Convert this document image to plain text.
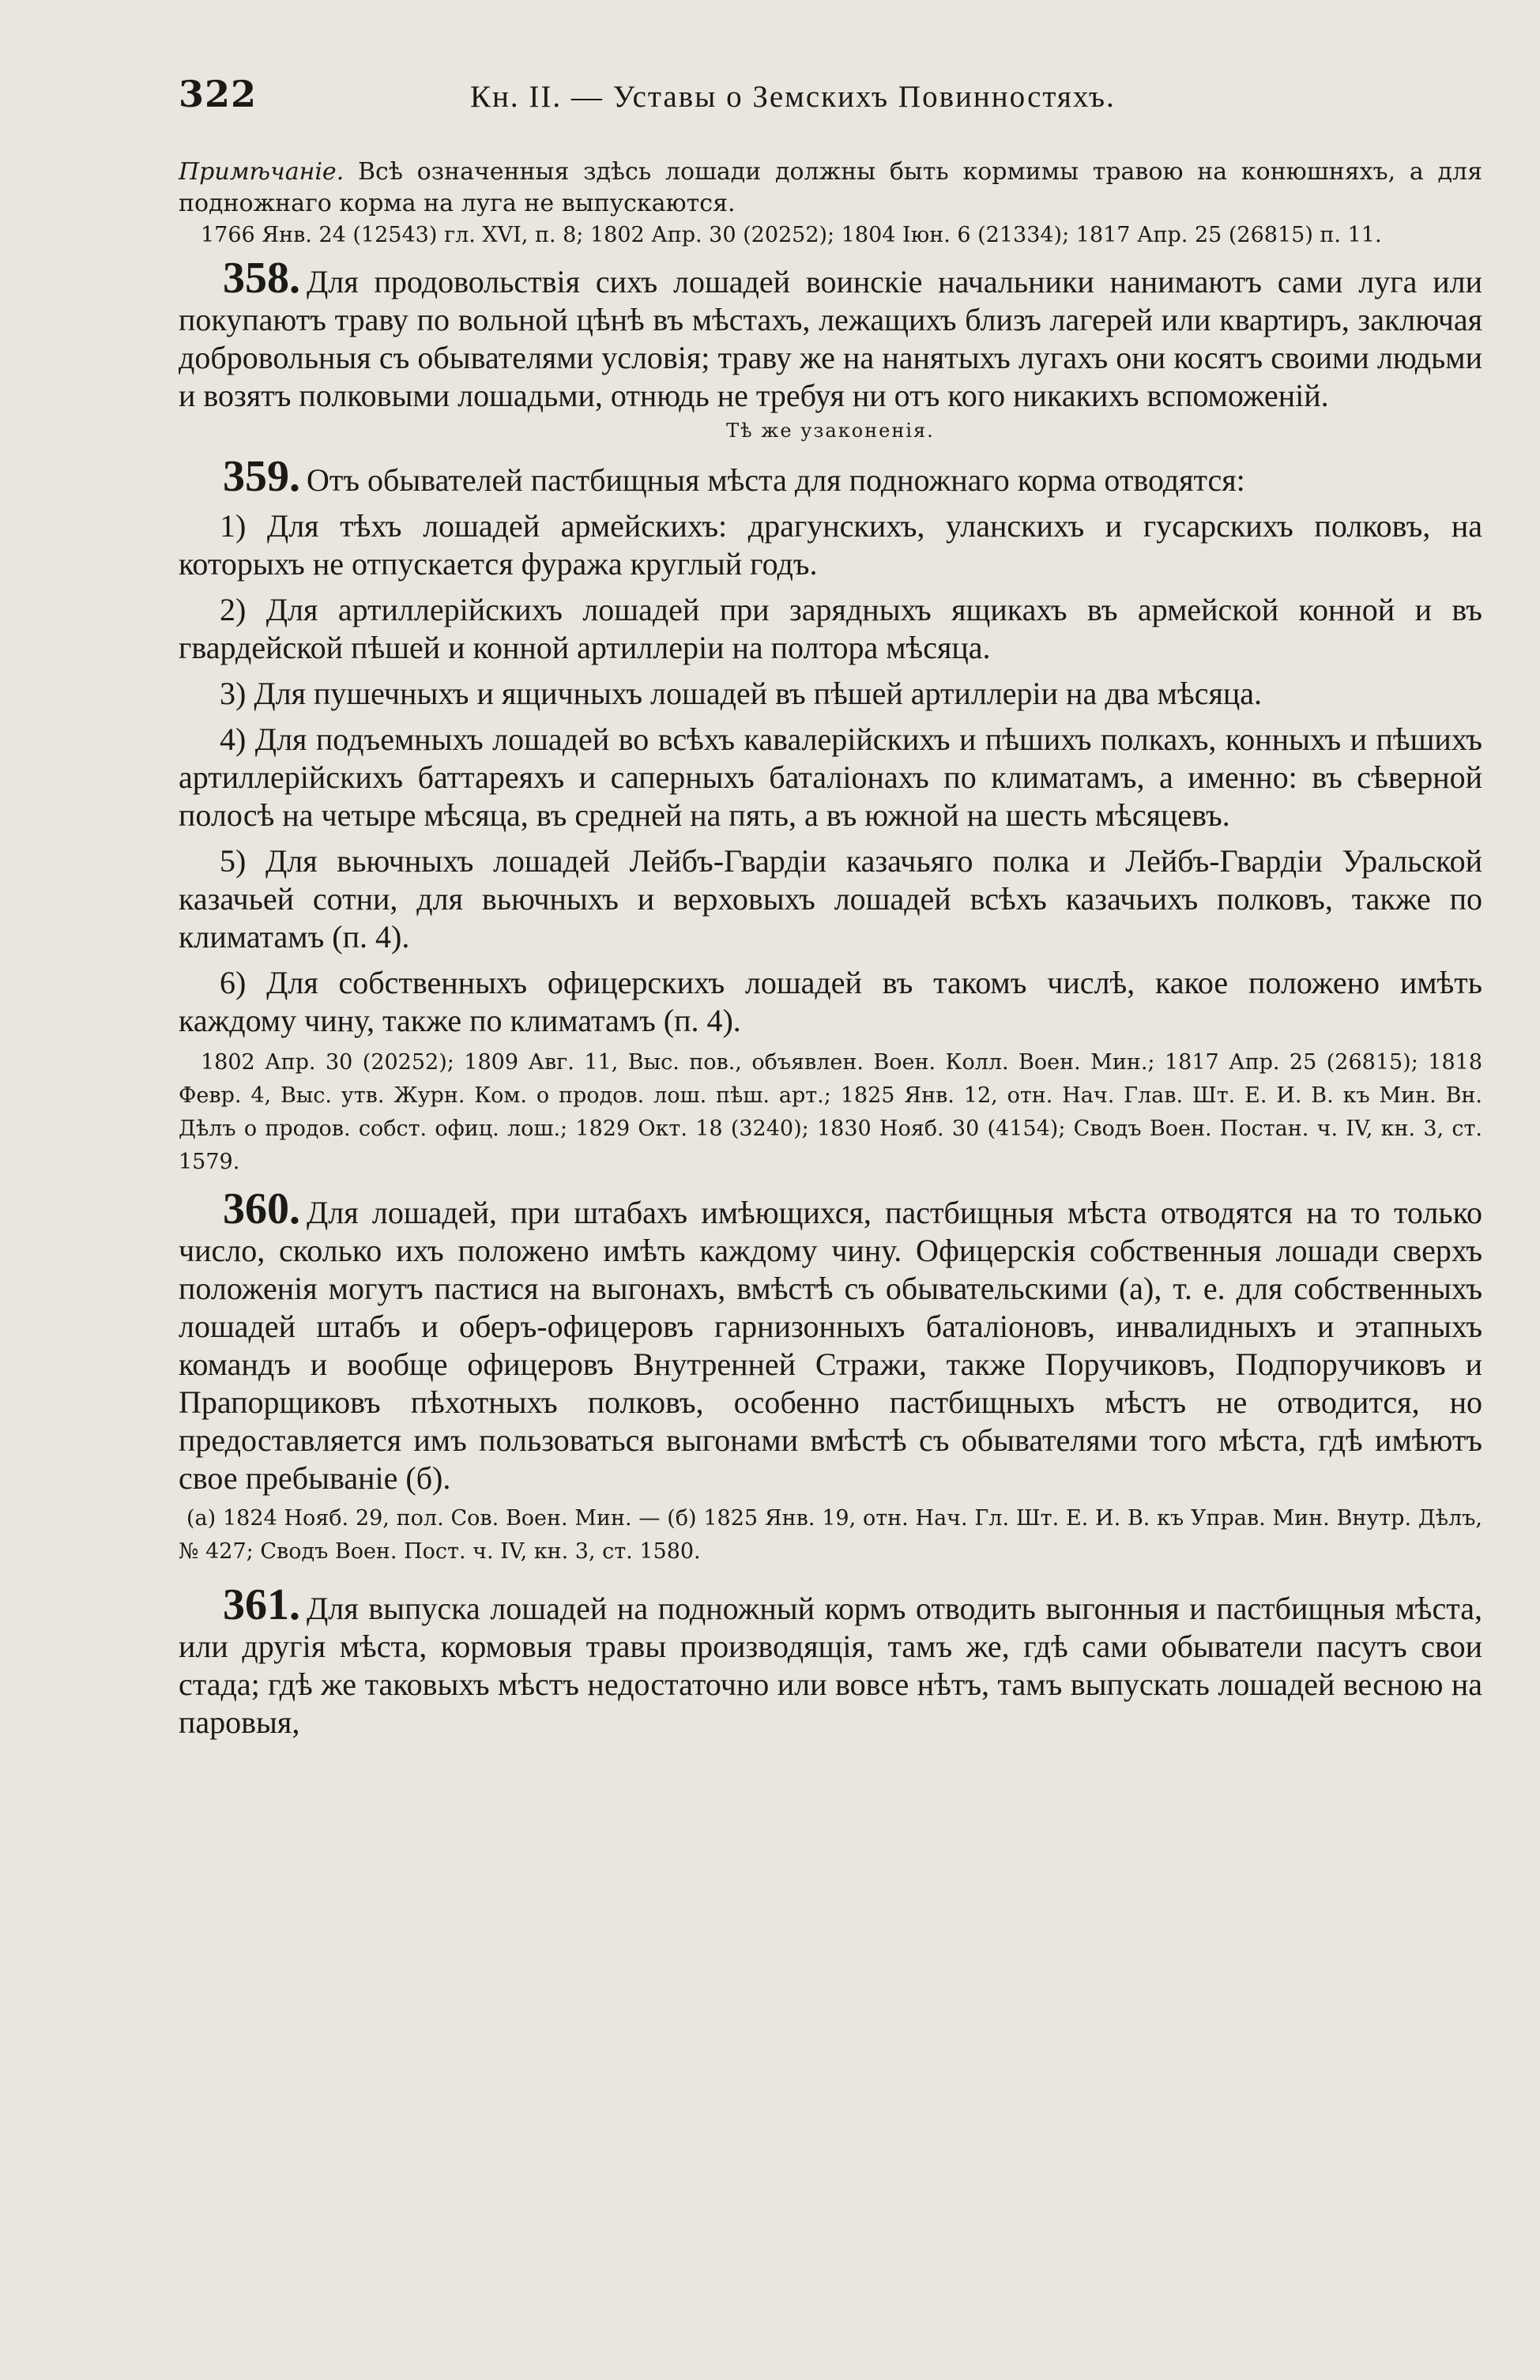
322	Кн. II. — Уставы о Земскихъ Повинностяхъ.

Примѣчаніе. Всѣ означенныя здѣсь лошади должны быть кормимы травою на конюшняхъ, а для подножнаго корма на луга не выпускаются.

1766 Янв. 24 (12543) гл. XVI, п. 8; 1802 Апр. 30 (20252); 1804 Іюн. 6 (21334); 1817 Апр. 25 (26815) п. 11.

358. Для продовольствія сихъ лошадей воинскіе начальники нанимаютъ сами луга или покупаютъ траву по вольной цѣнѣ въ мѣстахъ, лежащихъ близъ лагерей или квартиръ, заключая добровольныя съ обывателями условія; траву же на нанятыхъ лугахъ они косятъ своими людьми и возятъ полковыми лошадьми, отнюдь не требуя ни отъ кого никакихъ вспоможеній.

Тѣ же узаконенія.

359. Отъ обывателей пастбищныя мѣста для подножнаго корма отводятся:

1) Для тѣхъ лошадей армейскихъ: драгунскихъ, уланскихъ и гусарскихъ полковъ, на которыхъ не отпускается фуража круглый годъ.

2) Для артиллерійскихъ лошадей при зарядныхъ ящикахъ въ армейской конной и въ гвардейской пѣшей и конной артиллеріи на полтора мѣсяца.

3) Для пушечныхъ и ящичныхъ лошадей въ пѣшей артиллеріи на два мѣсяца.

4) Для подъемныхъ лошадей во всѣхъ кавалерійскихъ и пѣшихъ полкахъ, конныхъ и пѣшихъ артиллерійскихъ баттареяхъ и саперныхъ баталіонахъ по климатамъ, а именно: въ сѣверной полосѣ на четыре мѣсяца, въ средней на пять, а въ южной на шесть мѣсяцевъ.

5) Для вьючныхъ лошадей Лейбъ-Гвардіи казачьяго полка и Лейбъ-Гвардіи Уральской казачьей сотни, для вьючныхъ и верховыхъ лошадей всѣхъ казачьихъ полковъ, также по климатамъ (п. 4).

6) Для собственныхъ офицерскихъ лошадей въ такомъ числѣ, какое положено имѣть каждому чину, также по климатамъ (п. 4).

1802 Апр. 30 (20252); 1809 Авг. 11, Выс. пов., объявлен. Воен. Колл. Воен. Мин.; 1817 Апр. 25 (26815); 1818 Февр. 4, Выс. утв. Журн. Ком. о продов. лош. пѣш. арт.; 1825 Янв. 12, отн. Нач. Глав. Шт. Е. И. В. къ Мин. Вн. Дѣлъ о продов. собст. офиц. лош.; 1829 Окт. 18 (3240); 1830 Нояб. 30 (4154); Сводъ Воен. Постан. ч. IV, кн. 3, ст. 1579.

360. Для лошадей, при штабахъ имѣющихся, пастбищныя мѣста отводятся на то только число, сколько ихъ положено имѣть каждому чину. Офицерскія собственныя лошади сверхъ положенія могутъ пастися на выгонахъ, вмѣстѣ съ обывательскими (а), т. е. для собственныхъ лошадей штабъ и оберъ-офицеровъ гарнизонныхъ баталіоновъ, инвалидныхъ и этапныхъ командъ и вообще офицеровъ Внутренней Стражи, также Поручиковъ, Подпоручиковъ и Прапорщиковъ пѣхотныхъ полковъ, особенно пастбищныхъ мѣстъ не отводится, но предоставляется имъ пользоваться выгонами вмѣстѣ съ обывателями того мѣста, гдѣ имѣютъ свое пребываніе (б).

(а) 1824 Нояб. 29, пол. Сов. Воен. Мин. — (б) 1825 Янв. 19, отн. Нач. Гл. Шт. Е. И. В. къ Управ. Мин. Внутр. Дѣлъ, № 427; Сводъ Воен. Пост. ч. IV, кн. 3, ст. 1580.

361. Для выпуска лошадей на подножный кормъ отводить выгонныя и пастбищныя мѣста, или другія мѣста, кормовыя травы производящія, тамъ же, гдѣ сами обыватели пасутъ свои стада; гдѣ же таковыхъ мѣстъ недостаточно или вовсе нѣтъ, тамъ выпускать лошадей весною на паровыя,
